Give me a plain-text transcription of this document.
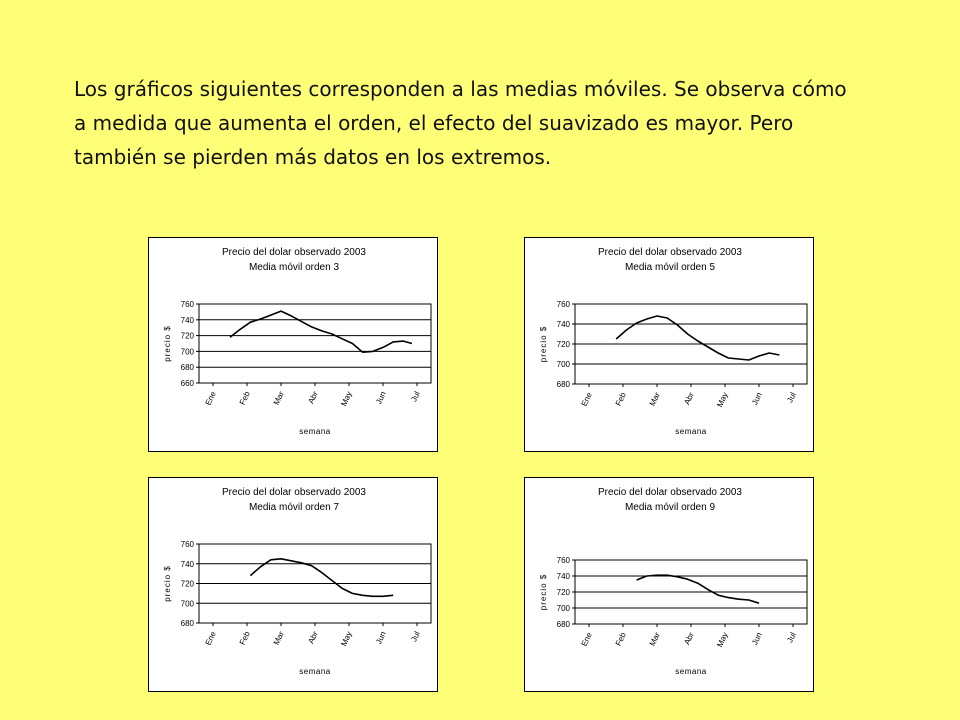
Los gráficos siguientes corresponden a las medias móviles. Se observa cómo a medida que aumenta el orden, el efecto del suavizado es mayor. Pero también se pierden más datos en los extremos.

Precio del dolar observado 2003
Media móvil orden 3
660
680
700
720
740
760
Ene	Feb	Mar	Abr May	Jun	Jul
semana
precio $
Precio del dolar observado 2003
Media móvil orden 5
680
700
720
740
760
Ene	Feb	Mar	Abr May	Jun	Jul
semana
precio $
Precio del dolar observado 2003
Media móvil orden 7
680
700
720
740
760
Ene	Feb	Mar	Abr May	Jun	Jul
semana
precio $
Precio del dolar observado 2003
Media móvil orden 9
680
700
720
740
760
Ene	Feb	Mar	Abr May	Jun	Jul
semana
precio $
